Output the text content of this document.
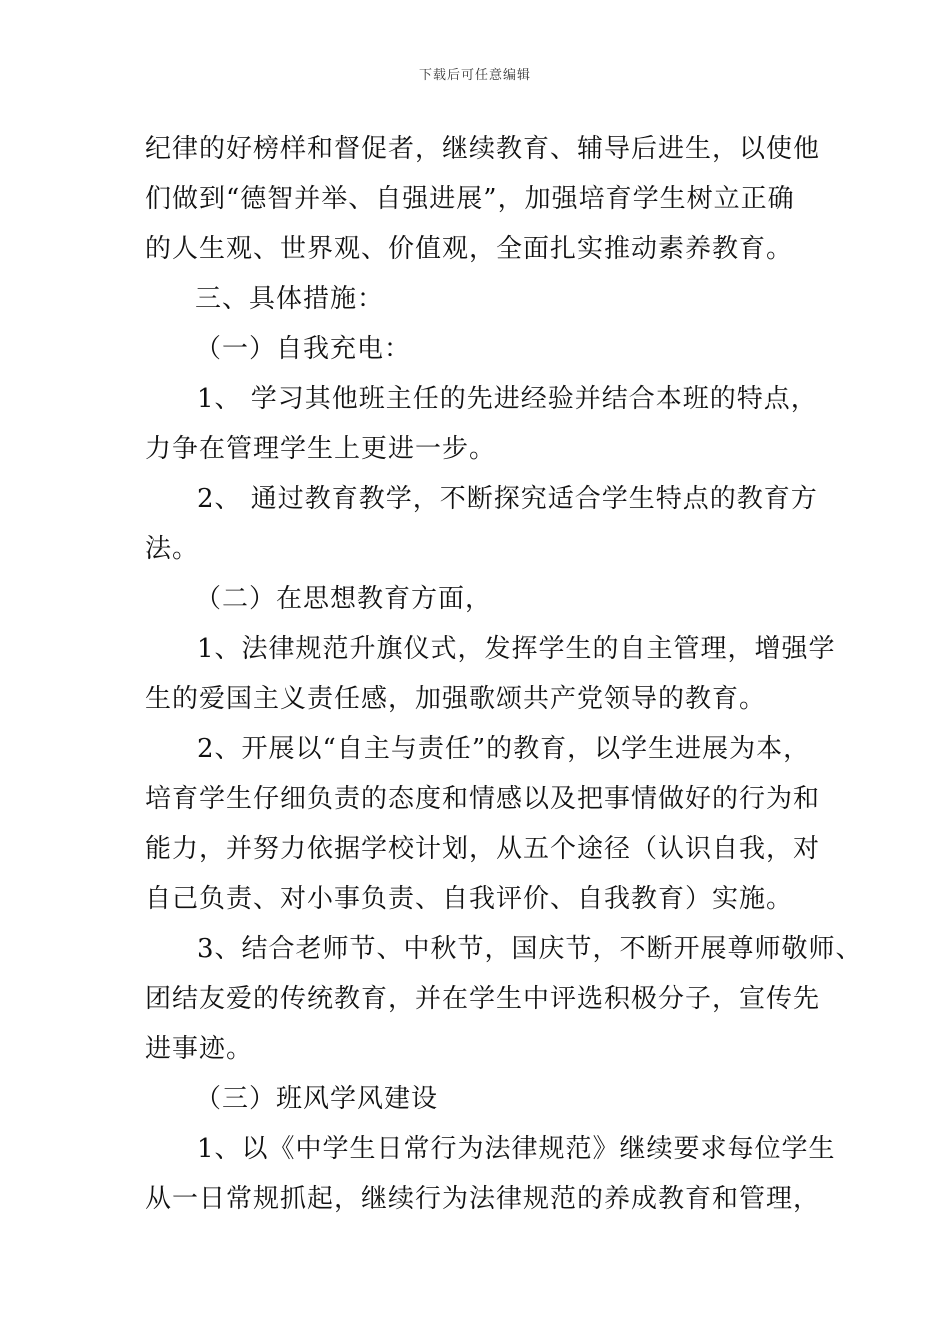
下载后可任意编辑
纪律的好榜样和督促者，继续教育、辅导后进生，以使他
们做到“德智并举、自强进展”，加强培育学生树立正确
的人生观、世界观、价值观，全面扎实推动素养教育。
三、具体措施：
（一）自我充电：
1、 学习其他班主任的先进经验并结合本班的特点，
力争在管理学生上更进一步。
2、 通过教育教学，不断探究适合学生特点的教育方
法。
（二）在思想教育方面，
1、法律规范升旗仪式，发挥学生的自主管理，增强学
生的爱国主义责任感，加强歌颂共产党领导的教育。
2、开展以“自主与责任”的教育，以学生进展为本，
培育学生仔细负责的态度和情感以及把事情做好的行为和
能力，并努力依据学校计划，从五个途径（认识自我，对
自己负责、对小事负责、自我评价、自我教育）实施。
3、结合老师节、中秋节，国庆节，不断开展尊师敬师、
团结友爱的传统教育，并在学生中评选积极分子，宣传先
进事迹。
（三）班风学风建设
1、以《中学生日常行为法律规范》继续要求每位学生
从一日常规抓起，继续行为法律规范的养成教育和管理，
